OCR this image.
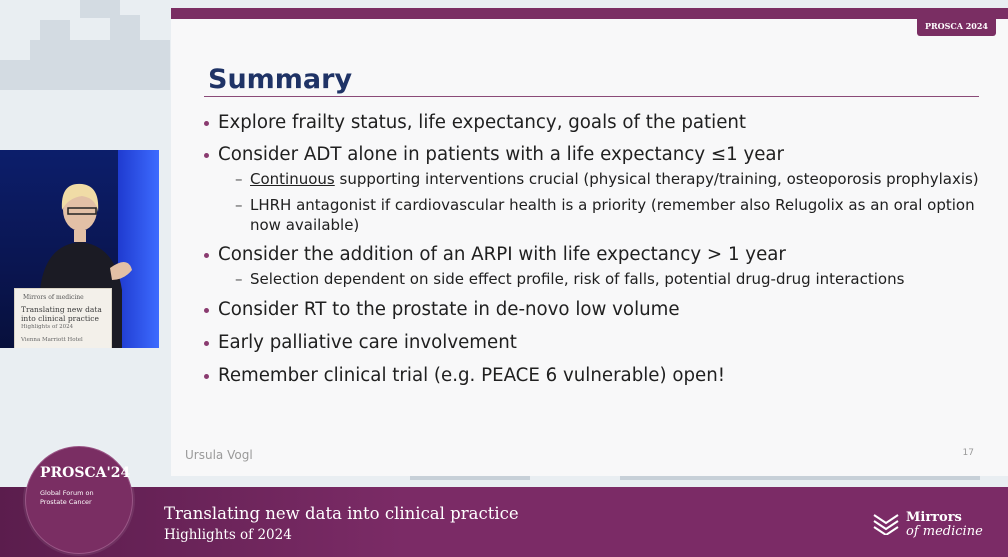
Mirrors of medicine
Translating new data into clinical practice
Highlights of 2024
Vienna Marriott Hotel
PROSCA 2024
Summary
Explore frailty status, life expectancy, goals of the patient
Consider ADT alone in patients with a life expectancy ≤1 year
– Continuous supporting interventions crucial (physical therapy/training, osteoporosis prophylaxis)
– LHRH antagonist if cardiovascular health is a priority (remember also Relugolix as an oral option now available)
Consider the addition of an ARPI with life expectancy > 1 year
– Selection dependent on side effect profile, risk of falls, potential drug-drug interactions
Consider RT to the prostate in de-novo low volume
Early palliative care involvement
Remember clinical trial (e.g. PEACE 6 vulnerable) open!
Ursula Vogl	17
Translating new data into clinical practice
Highlights of 2024
Mirrors
of medicine
PROSCA'24
Global Forum on
Prostate Cancer
